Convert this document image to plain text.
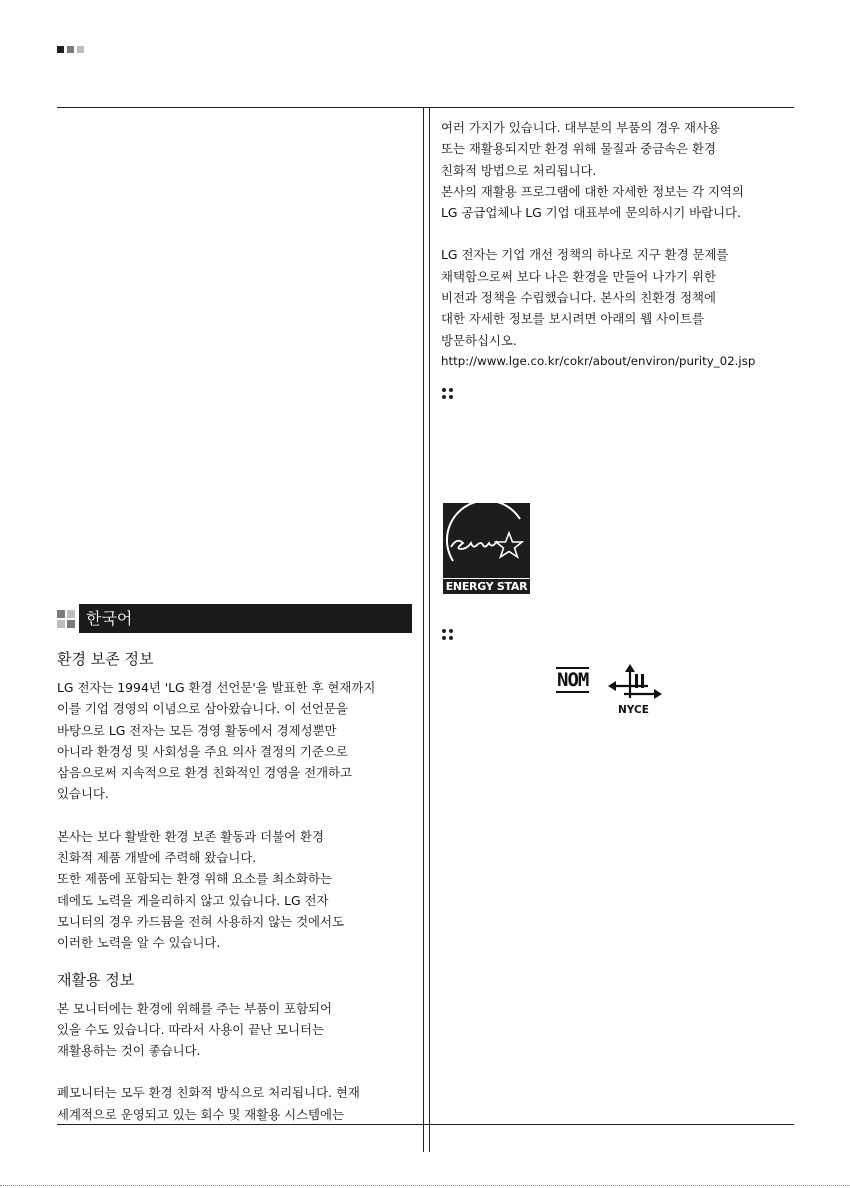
한국어
환경 보존 정보

LG 전자는 1994년 'LG 환경 선언문'을 발표한 후 현재까지
이를 기업 경영의 이념으로 삼아왔습니다. 이 선언문을
바탕으로 LG 전자는 모든 경영 활동에서 경제성뿐만
아니라 환경성 및 사회성을 주요 의사 결정의 기준으로
삼음으로써 지속적으로 환경 친화적인 경영을 전개하고
있습니다.

본사는 보다 활발한 환경 보존 활동과 더불어 환경
친화적 제품 개발에 주력해 왔습니다.
또한 제품에 포함되는 환경 위해 요소를 최소화하는
데에도 노력을 게을리하지 않고 있습니다. LG 전자
모니터의 경우 카드뮴을 전혀 사용하지 않는 것에서도
이러한 노력을 알 수 있습니다.

재활용 정보

본 모니터에는 환경에 위해를 주는 부품이 포함되어
있을 수도 있습니다. 따라서 사용이 끝난 모니터는
재활용하는 것이 좋습니다.

폐모니터는 모두 환경 친화적 방식으로 처리됩니다. 현재
세계적으로 운영되고 있는 회수 및 재활용 시스템에는

여러 가지가 있습니다. 대부분의 부품의 경우 재사용
또는 재활용되지만 환경 위해 물질과 중금속은 환경
친화적 방법으로 처리됩니다.
본사의 재활용 프로그램에 대한 자세한 정보는 각 지역의
LG 공급업체나 LG 기업 대표부에 문의하시기 바랍니다.

LG 전자는 기업 개선 정책의 하나로 지구 환경 문제를
채택함으로써 보다 나은 환경을 만들어 나가기 위한
비전과 정책을 수립했습니다. 본사의 친환경 정책에
대한 자세한 정보를 보시려면 아래의 웹 사이트를
방문하십시오.

http://www.lge.co.kr/cokr/about/environ/purity_02.jsp
ENERGY STAR
NOM
NYCE
